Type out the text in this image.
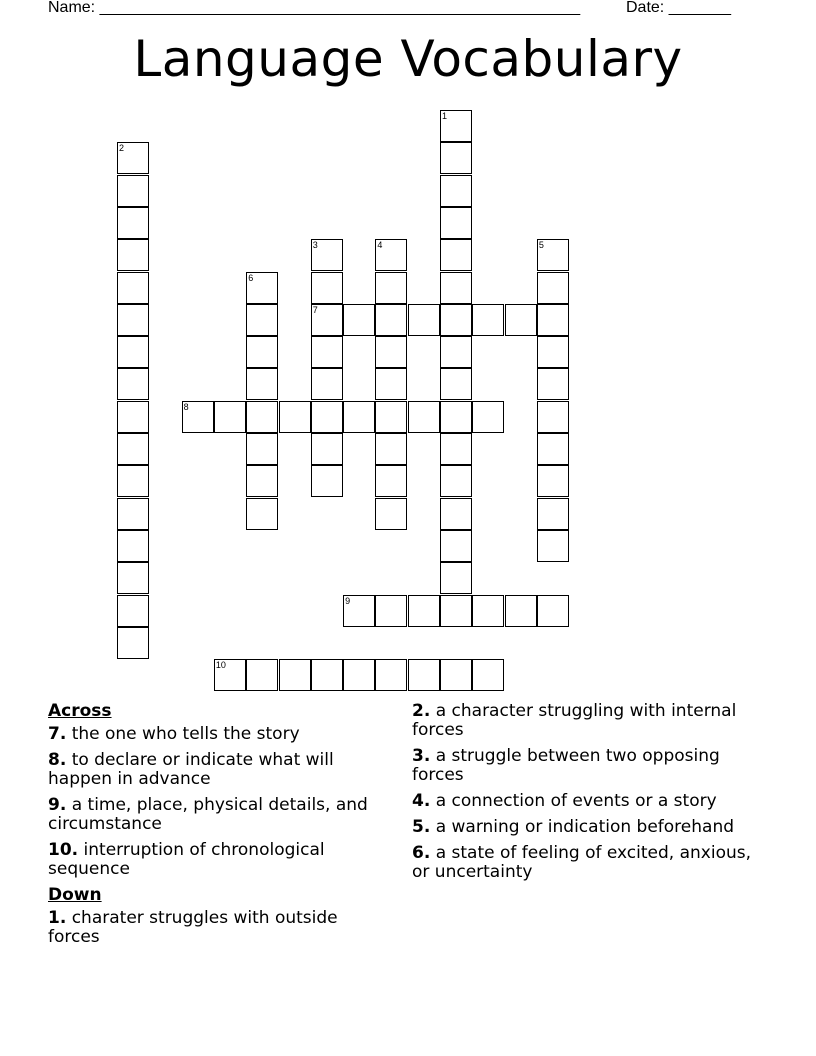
Name: ______________________________________________________	Date: _______
Language Vocabulary
1
2
3
7
4	5
6
8
9
10
Across
7. the one who tells the story
8. to declare or indicate what will happen in advance
9. a time, place, physical details, and circumstance
10. interruption of chronological sequence
Down
1. charater struggles with outside forces
2. a character struggling with internal forces
3. a struggle between two opposing forces
4. a connection of events or a story
5. a warning or indication beforehand
6. a state of feeling of excited, anxious, or uncertainty
